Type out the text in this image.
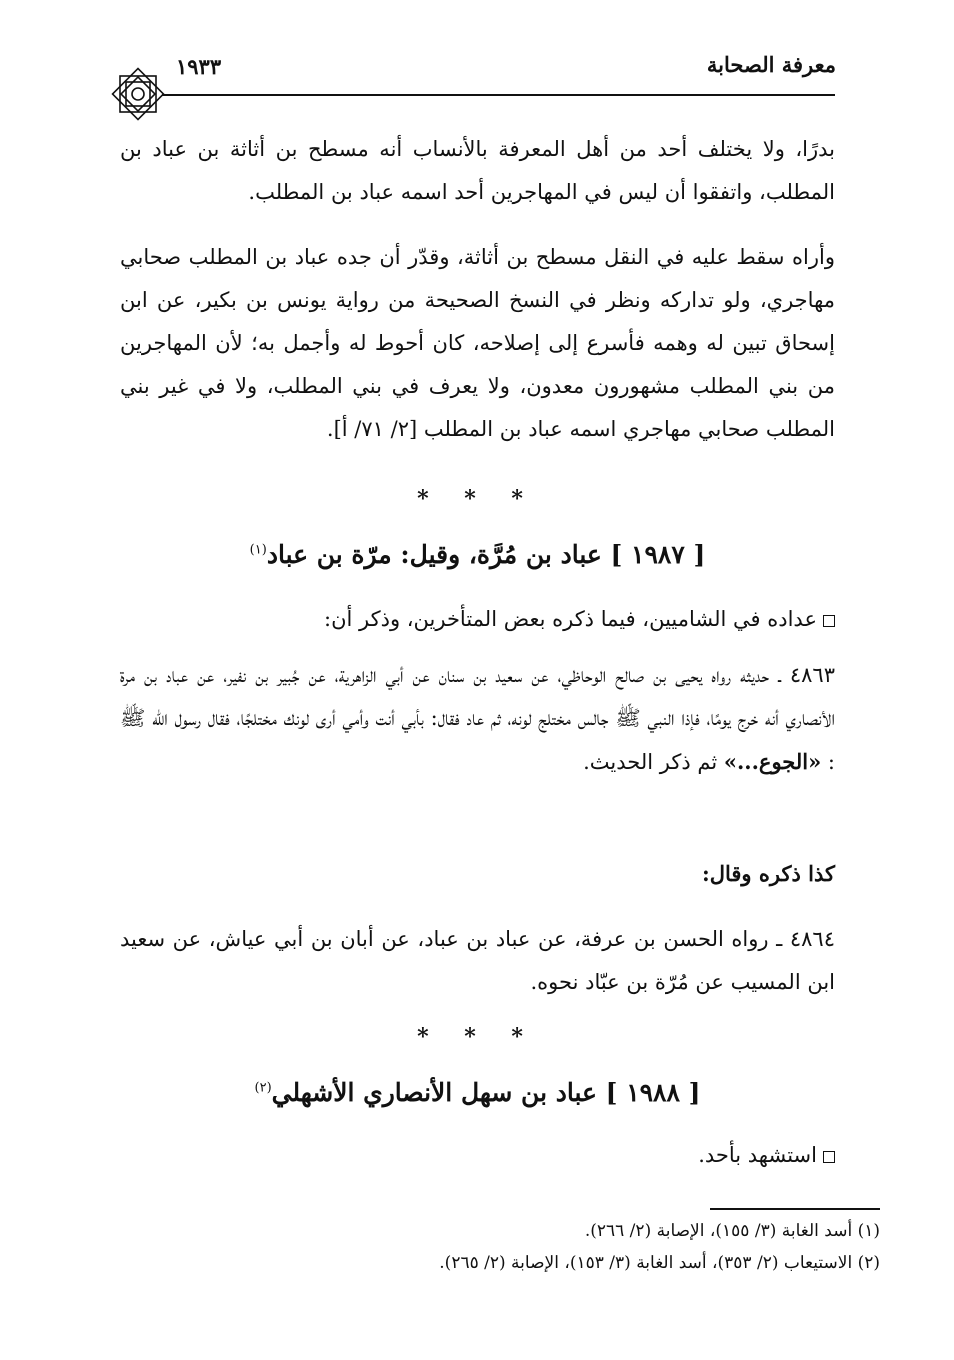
معرفة الصحابة
١٩٣٣
بدرًا، ولا يختلف أحد من أهل المعرفة بالأنساب أنه مسطح بن أثاثة بن عباد بن المطلب، واتفقوا أن ليس في المهاجرين أحد اسمه عباد بن المطلب.
وأراه سقط عليه في النقل مسطح بن أثاثة، وقدّر أن جده عباد بن المطلب صحابي مهاجري، ولو تداركه ونظر في النسخ الصحيحة من رواية يونس بن بكير، عن ابن إسحاق تبين له وهمه فأسرع إلى إصلاحه، كان أحوط له وأجمل به؛ لأن المهاجرين من بني المطلب مشهورون معدون، ولا يعرف في بني المطلب، ولا في غير بني المطلب صحابي مهاجري اسمه عباد بن المطلب [٢/ ٧١/ أ].
* * *
[ ١٩٨٧ ] عباد بن مُرَّة، وقيل: مرّة بن عباد$^{(١)}$
عداده في الشاميين، فيما ذكره بعض المتأخرين، وذكر أن:
٤٨٦٣ ـ حديثه رواه يحيى بن صالح الوحاظي، عن سعيد بن سنان عن أبي الزاهرية، عن جُبير بن نفير، عن عباد بن مرة الأنصاري أنه خرج يومًا، فإذا النبي ﷺ جالس مختلج لونه، ثم عاد فقال: بأبي أنت وأمي أرى لونك مختلجًا، فقال رسول الله ﷺ : «الجوع...» ثم ذكر الحديث.
كذا ذكره وقال:
٤٨٦٤ ـ رواه الحسن بن عرفة، عن عباد بن عباد، عن أبان بن أبي عياش، عن سعيد ابن المسيب عن مُرّة بن عبّاد نحوه.
* * *
[ ١٩٨٨ ] عباد بن سهل الأنصاري الأشهلي$^{(٢)}$
استشهد بأحد.
(١) أسد الغابة (٣/ ١٥٥)، الإصابة (٢/ ٢٦٦).
(٢) الاستيعاب (٢/ ٣٥٣)، أسد الغابة (٣/ ١٥٣)، الإصابة (٢/ ٢٦٥).
